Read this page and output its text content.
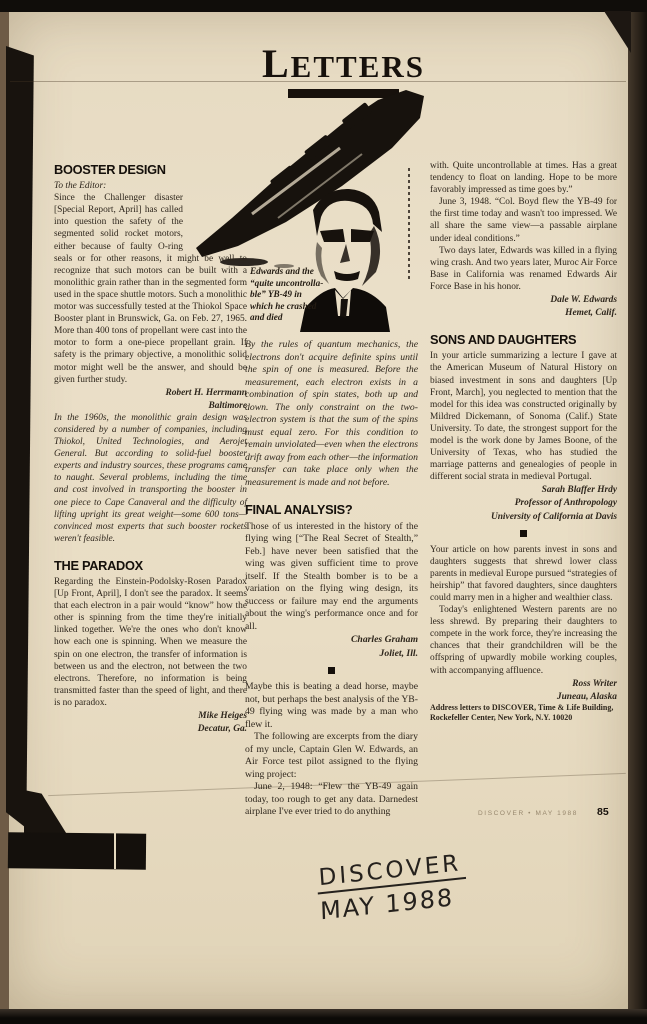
LETTERS
Edwards and the
“quite uncontrolla-
ble” YB-49 in
which he crashed
and died
BOOSTER DESIGN

To the Editor:

Since the Challenger disaster [Special Report, April] has called into question the safety of the segmented solid rocket motors, either because of faulty O-ring seals or for other reasons, it might be well to recognize that such motors can be built with a monolithic grain rather than in the segmented form used in the space shuttle motors. Such a monolithic motor was successfully tested at the Thiokol Space Booster plant in Brunswick, Ga. on Feb. 27, 1965. More than 400 tons of propellant were cast into the motor to form a one-piece propellant grain. If safety is the primary objective, a monolithic solid motor might well be the answer, and should be given further study.

Robert H. Herrmann
Baltimore

In the 1960s, the monolithic grain design was considered by a number of companies, including Thiokol, United Technologies, and Aerojet General. But according to solid-fuel booster experts and industry sources, these programs came to naught. Several problems, including the time and cost involved in transporting the booster in one piece to Cape Canaveral and the difficulty of lifting upright its great weight—some 600 tons—convinced most experts that such booster rockets weren't feasible.

THE PARADOX

Regarding the Einstein-Podolsky-Rosen Paradox [Up Front, April], I don't see the paradox. It seems that each electron in a pair would “know” how the other is spinning from the time they're initially linked together. We're the ones who don't know how each one is spinning. When we measure the spin on one electron, the transfer of information is between us and the electron, not between the two electrons. Therefore, no information is being transmitted faster than the speed of light, and there is no paradox.

Mike Heiges
Decatur, Ga.

By the rules of quantum mechanics, the electrons don't acquire definite spins until the spin of one is measured. Before the measurement, each electron exists in a combination of spin states, both up and down. The only constraint on the two-electron system is that the sum of the spins must equal zero. For this condition to remain unviolated—even when the electrons drift away from each other—the information transfer can take place only when the measurement is made and not before.

FINAL ANALYSIS?

Those of us interested in the history of the flying wing [“The Real Secret of Stealth,” Feb.] have never been satisfied that the wing was given sufficient time to prove itself. If the Stealth bomber is to be a variation on the flying wing design, its success or failure may end the arguments about the wing's performance once and for all.

Charles Graham
Joliet, Ill.

Maybe this is beating a dead horse, maybe not, but perhaps the best analysis of the YB-49 flying wing was made by a man who flew it.

The following are excerpts from the diary of my uncle, Captain Glen W. Edwards, an Air Force test pilot assigned to the flying wing project:

June 2, 1948: “Flew the YB-49 again today, too rough to get any data. Darnedest airplane I've ever tried to do anything

with. Quite uncontrollable at times. Has a great tendency to float on landing. Hope to be more favorably impressed as time goes by.”

June 3, 1948. “Col. Boyd flew the YB-49 for the first time today and wasn't too impressed. We all share the same view—a passable airplane under ideal conditions.”

Two days later, Edwards was killed in a flying wing crash. And two years later, Muroc Air Force Base in California was renamed Edwards Air Force Base in his honor.

Dale W. Edwards
Hemet, Calif.
SONS AND DAUGHTERS

In your article summarizing a lecture I gave at the American Museum of Natural History on biased investment in sons and daughters [Up Front, March], you neglected to mention that the model for this idea was constructed originally by Mildred Dickemann, of Sonoma (Calif.) State University. To date, the strongest support for the model is the work done by James Boone, of the University of Texas, who has studied the marriage patterns and genealogies of people in different social strata in medieval Portugal.

Sarah Blaffer Hrdy
Professor of Anthropology
University of California at Davis

Your article on how parents invest in sons and daughters suggests that shrewd lower class parents in medieval Europe pursued “strategies of heirship” that favored daughters, since daughters could marry men in a higher and wealthier class.

Today's enlightened Western parents are no less shrewd. By preparing their daughters to compete in the work force, they're increasing the chances that their grandchildren will be the offspring of upwardly mobile working couples, with accompanying affluence.

Ross Writer
Juneau, Alaska

Address letters to DISCOVER, Time & Life Building, Rockefeller Center, New York, N.Y. 10020

DISCOVER • MAY 1988 85
DISCOVER
MAY 1988
